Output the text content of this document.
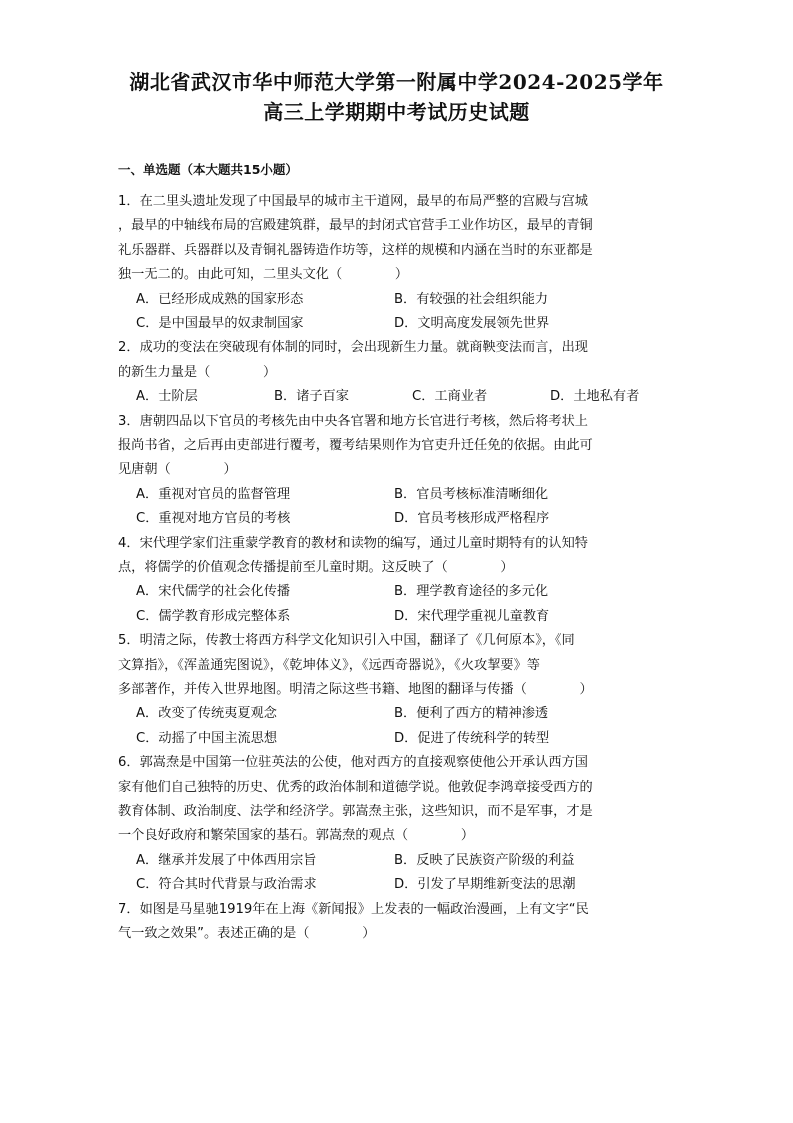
湖北省武汉市华中师范大学第一附属中学2024-2025学年
高三上学期期中考试历史试题
一、单选题（本大题共15小题）
1．在二里头遗址发现了中国最早的城市主干道网，最早的布局严整的宫殿与宫城
，最早的中轴线布局的宫殿建筑群，最早的封闭式官营手工业作坊区，最早的青铜
礼乐器群、兵器群以及青铜礼器铸造作坊等，这样的规模和内涵在当时的东亚都是
独一无二的。由此可知，二里头文化（　　　　）
A．已经形成成熟的国家形态	B．有较强的社会组织能力
C．是中国最早的奴隶制国家	D．文明高度发展领先世界
2．成功的变法在突破现有体制的同时，会出现新生力量。就商鞅变法而言，出现
的新生力量是（　　　　）
A．士阶层	B．诸子百家	C．工商业者	D．土地私有者
3．唐朝四品以下官员的考核先由中央各官署和地方长官进行考核，然后将考状上
报尚书省，之后再由吏部进行覆考，覆考结果则作为官吏升迁任免的依据。由此可
见唐朝（　　　　）
A．重视对官员的监督管理	B．官员考核标准清晰细化
C．重视对地方官员的考核	D．官员考核形成严格程序
4．宋代理学家们注重蒙学教育的教材和读物的编写，通过儿童时期特有的认知特
点，将儒学的价值观念传播提前至儿童时期。这反映了（　　　　）
A．宋代儒学的社会化传播	B．理学教育途径的多元化
C．儒学教育形成完整体系	D．宋代理学重视儿童教育
5．明清之际，传教士将西方科学文化知识引入中国，翻译了《几何原本》，《同
文算指》，《浑盖通宪图说》，《乾坤体义》，《远西奇器说》，《火攻挈要》等
多部著作，并传入世界地图。明清之际这些书籍、地图的翻译与传播（　　　　）
A．改变了传统夷夏观念	B．便利了西方的精神渗透
C．动摇了中国主流思想	D．促进了传统科学的转型
6．郭嵩焘是中国第一位驻英法的公使，他对西方的直接观察使他公开承认西方国
家有他们自己独特的历史、优秀的政治体制和道德学说。他敦促李鸿章接受西方的
教育体制、政治制度、法学和经济学。郭嵩焘主张，这些知识，而不是军事，才是
一个良好政府和繁荣国家的基石。郭嵩焘的观点（　　　　）
A．继承并发展了中体西用宗旨	B．反映了民族资产阶级的利益
C．符合其时代背景与政治需求	D．引发了早期维新变法的思潮
7．如图是马星驰1919年在上海《新闻报》上发表的一幅政治漫画，上有文字“民
气一致之效果”。表述正确的是（　　　　）
